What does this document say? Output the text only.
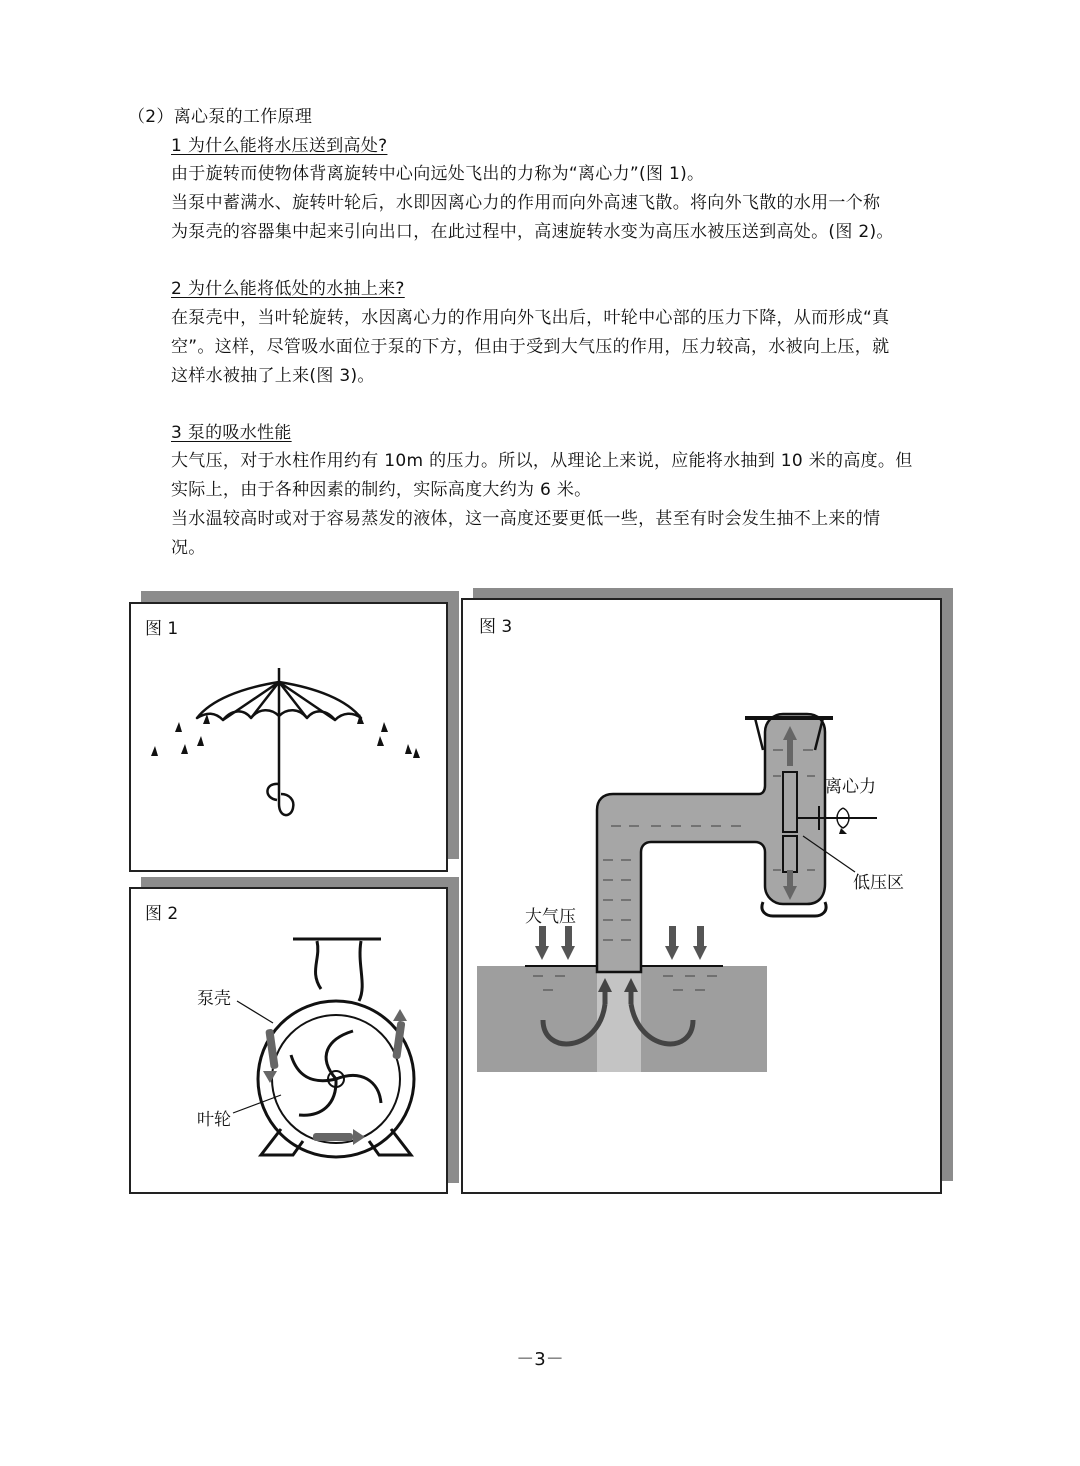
（2）离心泵的工作原理
1 为什么能将水压送到高处?
由于旋转而使物体背离旋转中心向远处飞出的力称为“离心力”(图 1)。
当泵中蓄满水、旋转叶轮后，水即因离心力的作用而向外高速飞散。将向外飞散的水用一个称
为泵壳的容器集中起来引向出口，在此过程中，高速旋转水变为高压水被压送到高处。(图 2)。
2 为什么能将低处的水抽上来?
在泵壳中，当叶轮旋转，水因离心力的作用向外飞出后，叶轮中心部的压力下降，从而形成“真
空”。这样，尽管吸水面位于泵的下方，但由于受到大气压的作用，压力较高，水被向上压，就
这样水被抽了上来(图 3)。
3 泵的吸水性能
大气压，对于水柱作用约有 10m 的压力。所以，从理论上来说，应能将水抽到 10 米的高度。但
实际上，由于各种因素的制约，实际高度大约为 6 米。
当水温较高时或对于容易蒸发的液体，这一高度还要更低一些，甚至有时会发生抽不上来的情
况。
图 1
图 2
泵壳
叶轮
图 3
离心力
低压区
大气压
－3－
